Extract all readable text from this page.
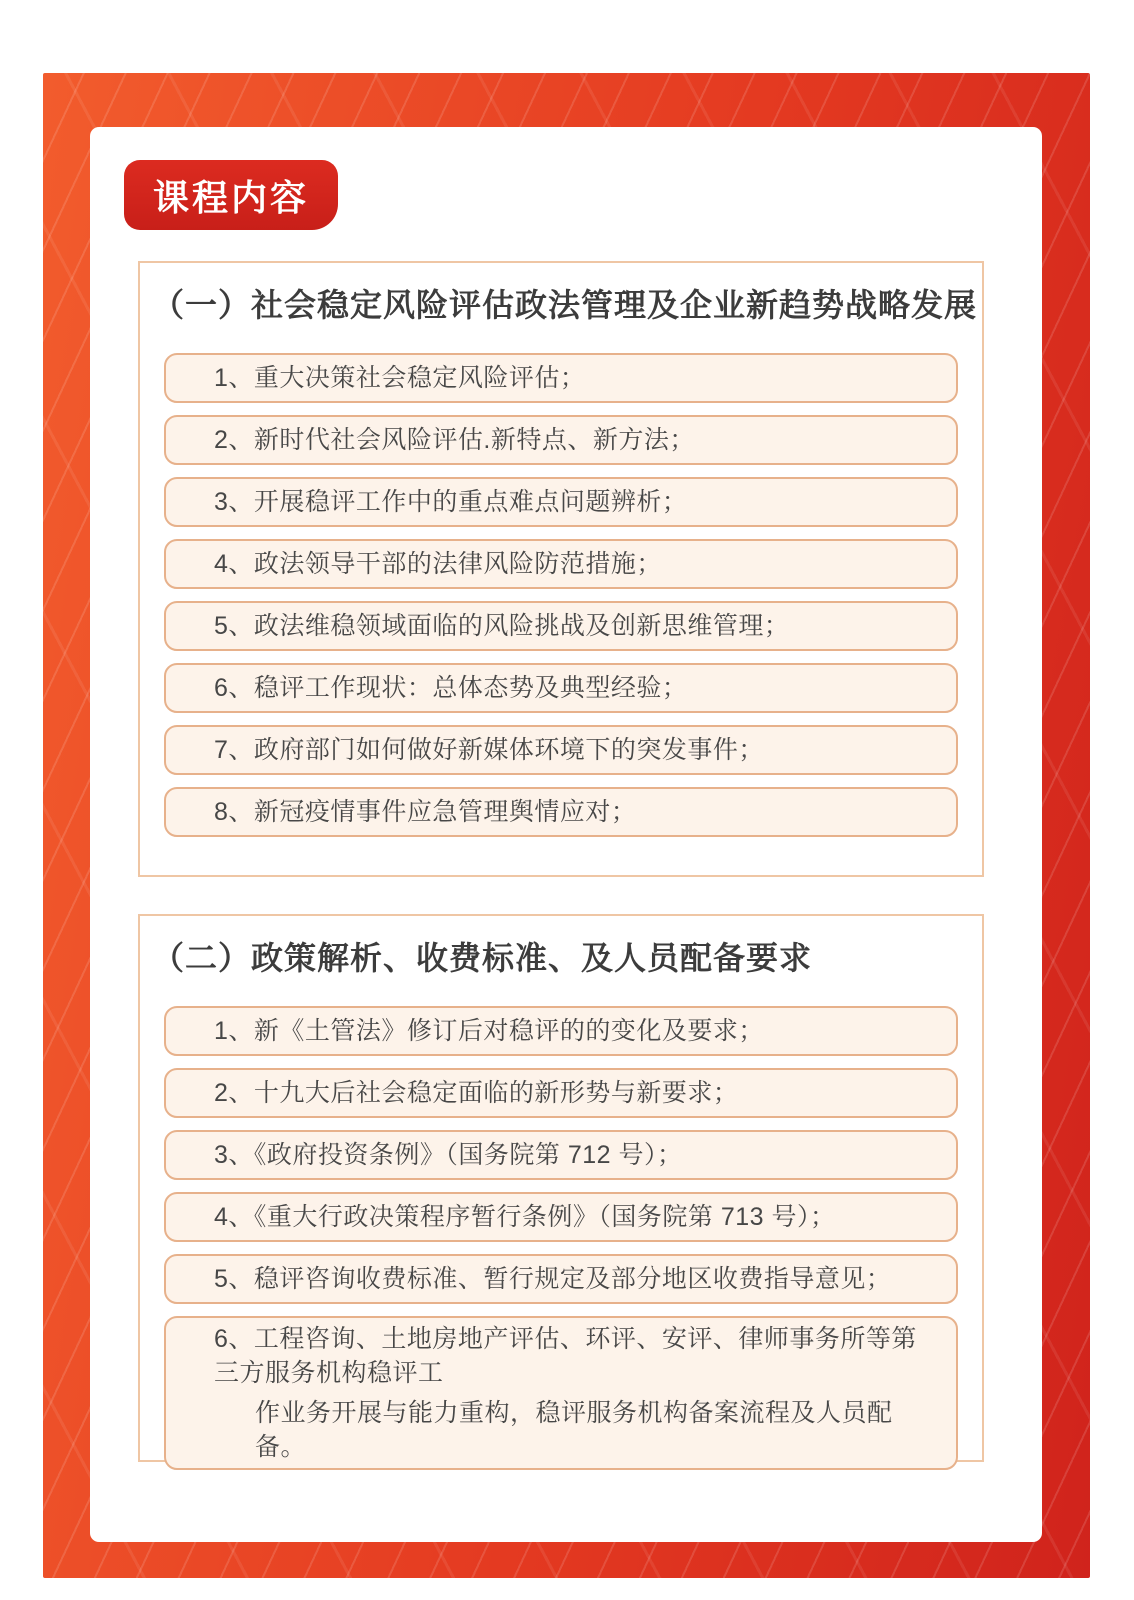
课程内容
（一）社会稳定风险评估政法管理及企业新趋势战略发展
1、重大决策社会稳定风险评估；
2、新时代社会风险评估.新特点、新方法；
3、开展稳评工作中的重点难点问题辨析；
4、政法领导干部的法律风险防范措施；
5、政法维稳领域面临的风险挑战及创新思维管理；
6、稳评工作现状：总体态势及典型经验；
7、政府部门如何做好新媒体环境下的突发事件；
8、新冠疫情事件应急管理舆情应对；
（二）政策解析、收费标准、及人员配备要求
1、新《土管法》修订后对稳评的的变化及要求；
2、十九大后社会稳定面临的新形势与新要求；
3、《政府投资条例》（国务院第 712 号）；
4、《重大行政决策程序暂行条例》（国务院第 713 号）；
5、稳评咨询收费标准、暂行规定及部分地区收费指导意见；
6、工程咨询、土地房地产评估、环评、安评、律师事务所等第三方服务机构稳评工
作业务开展与能力重构，稳评服务机构备案流程及人员配备。
